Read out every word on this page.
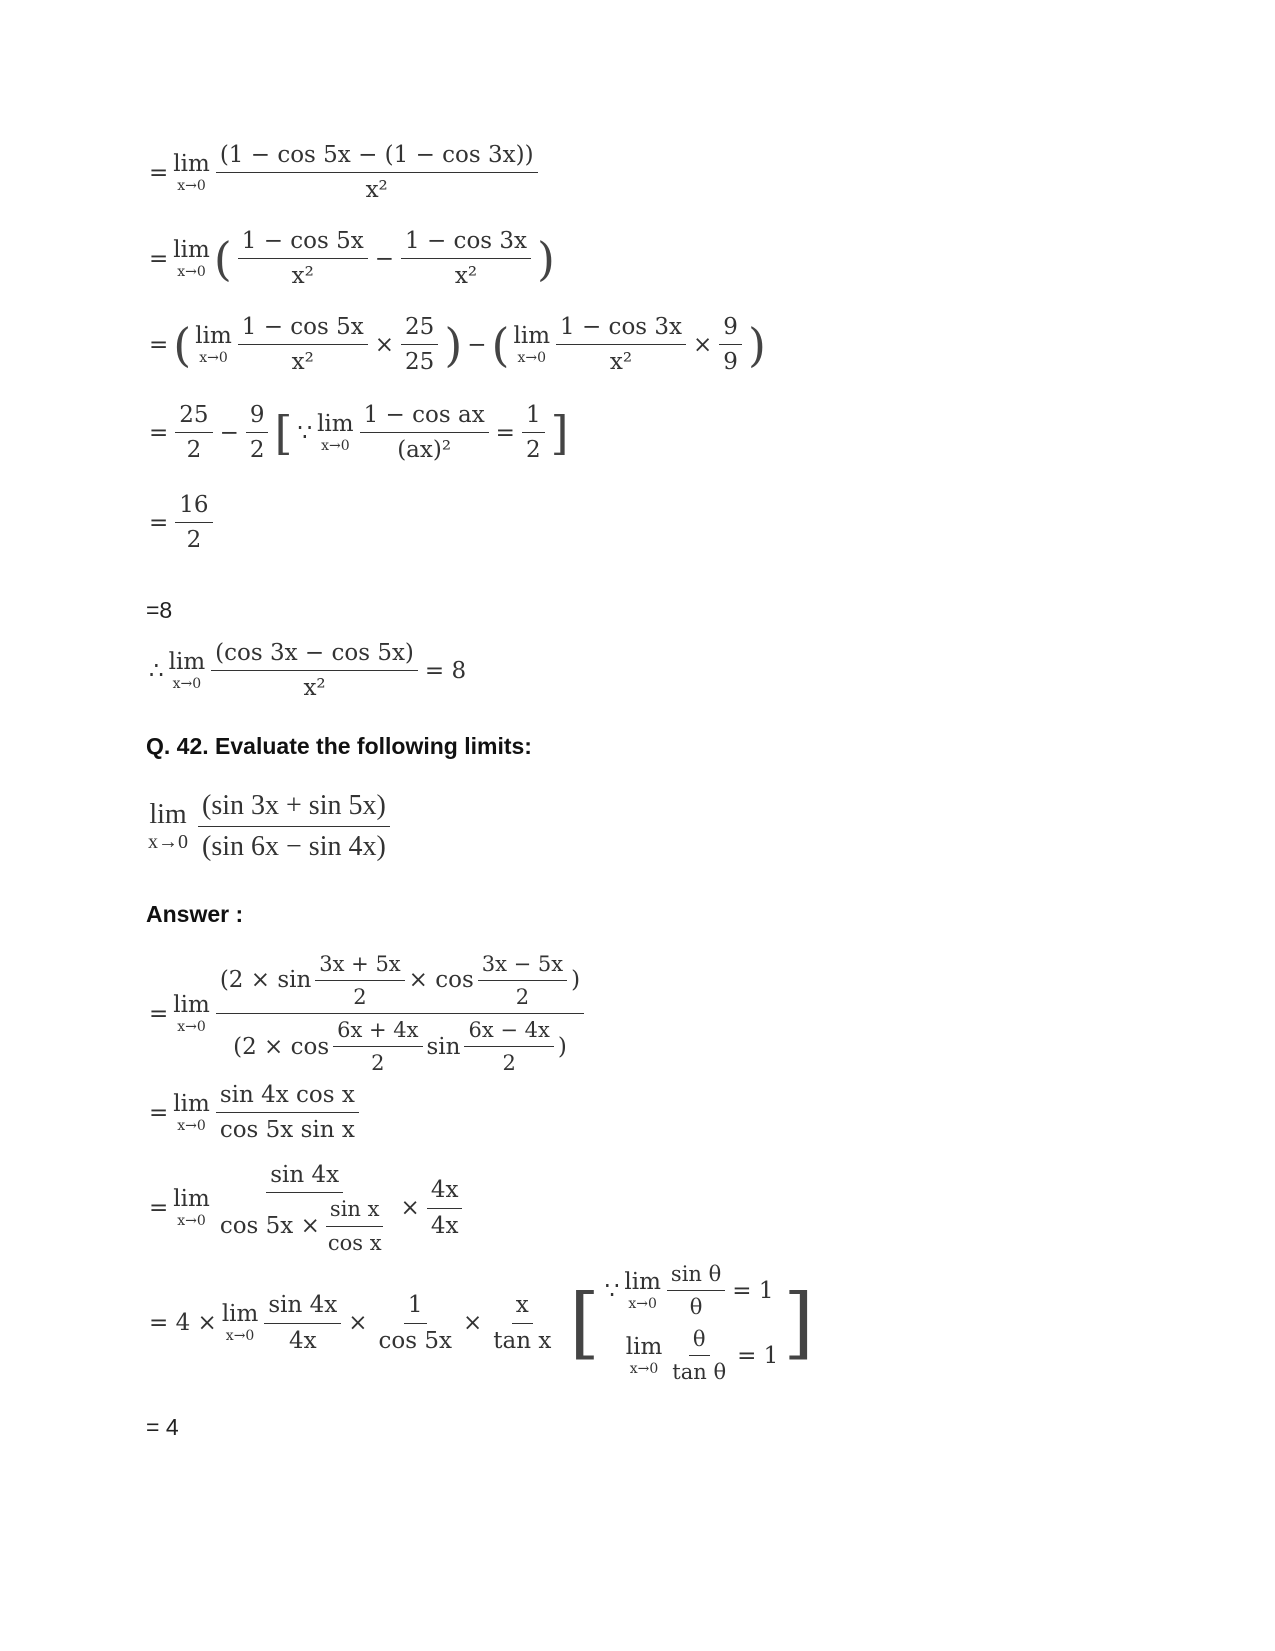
= lim
$x\to 0 \frac{(1 - \cos 5x - (1 - \cos 3x))}{\text{x²}}$
= lim
x→0 ( $\frac{1 - \cos 5x}{\text{x²}} - \frac{1 - \cos 3x}{\text{x²}}$ )
= ( lim
$x\to 0 \frac{1 - \cos 5x}{\text{x²}} \times \frac{25}{25}$ ) − ( lim
$x\to 0 \frac{1 - \cos 3x}{\text{x²}} \times \frac{9}{9}$ )
= $\frac{25}{2} - \frac{9}{2}$ [ ∵ lim
$x\to 0 \frac{\text{1 − cos ax}}{\text{(ax)²}} = \frac{1}{2}$ ]
= $\frac{16}{2}$
=8
∴ lim
$x\to 0 \frac{(\cos 3x - \cos 5x)}{\text{x²}} = 8$
Q. 42. Evaluate the following limits:
lim
$x\to 0 \frac{(\sin 3x + \sin 5x)}{(\sin 6x - \sin 4x)}$
Answer :
= lim
$x\to 0 \frac{(2 \times \sin \frac{3x + 5x}{2} \times \cos \frac{3x - 5x}{2} )}{(2 \times \cos \frac{6x + 4x}{2} \sin \frac{6x - 4x}{2} )}$
= lim
$x\to 0 \frac{\text{sin 4x cos x}}{\text{cos 5x sin x}}$
= lim
$x\to 0 \frac{\sin 4x}{\cos 5x \times \frac{\text{sin x}}{\text{cos x}}} \times \frac{4x}{4x}$
= 4 × lim
$x\to 0 \frac{\sin 4x}{4x} \times \frac{1}{\cos 5x} \times \frac{x}{\text{tan x}}$ [ ∵ lim
$x\to 0 \frac{\text{sin θ}}{\theta} = 1$
lim
$x\to 0 \frac{\theta}{\text{tan θ}} = 1$ ]
= 4
